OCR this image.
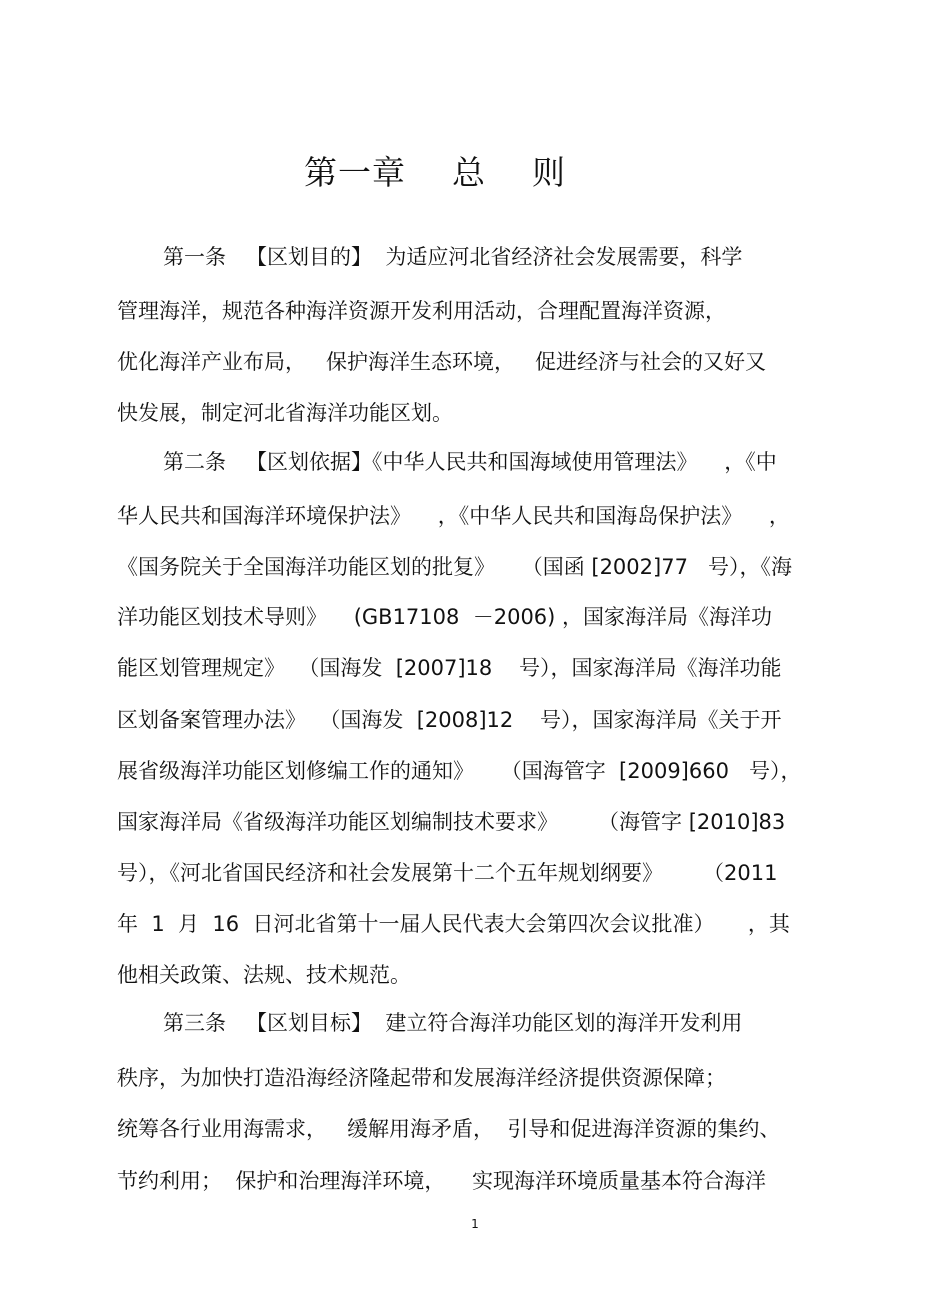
第一章    总    则
第一条   【区划目的】  为适应河北省经济社会发展需要，科学
管理海洋，规范各种海洋资源开发利用活动，合理配置海洋资源，
优化海洋产业布局，   保护海洋生态环境，   促进经济与社会的又好又
快发展，制定河北省海洋功能区划。
第二条   【区划依据】《中华人民共和国海域使用管理法》    ，《中
华人民共和国海洋环境保护法》    ，《中华人民共和国海岛保护法》    ，
《国务院关于全国海洋功能区划的批复》    （国函 [2002]77   号），《海
洋功能区划技术导则》    (GB17108  －2006) ，国家海洋局《海洋功
能区划管理规定》  （国海发  [2007]18    号），国家海洋局《海洋功能
区划备案管理办法》  （国海发  [2008]12    号），国家海洋局《关于开
展省级海洋功能区划修编工作的通知》    （国海管字  [2009]660   号），
国家海洋局《省级海洋功能区划编制技术要求》      （海管字 [2010]83
号），《河北省国民经济和社会发展第十二个五年规划纲要》      （2011
年  1  月  16  日河北省第十一届人民代表大会第四次会议批准）     ，其
他相关政策、法规、技术规范。
第三条   【区划目标】  建立符合海洋功能区划的海洋开发利用
秩序，为加快打造沿海经济隆起带和发展海洋经济提供资源保障；
统筹各行业用海需求，   缓解用海矛盾，  引导和促进海洋资源的集约、
节约利用；  保护和治理海洋环境，    实现海洋环境质量基本符合海洋
1
